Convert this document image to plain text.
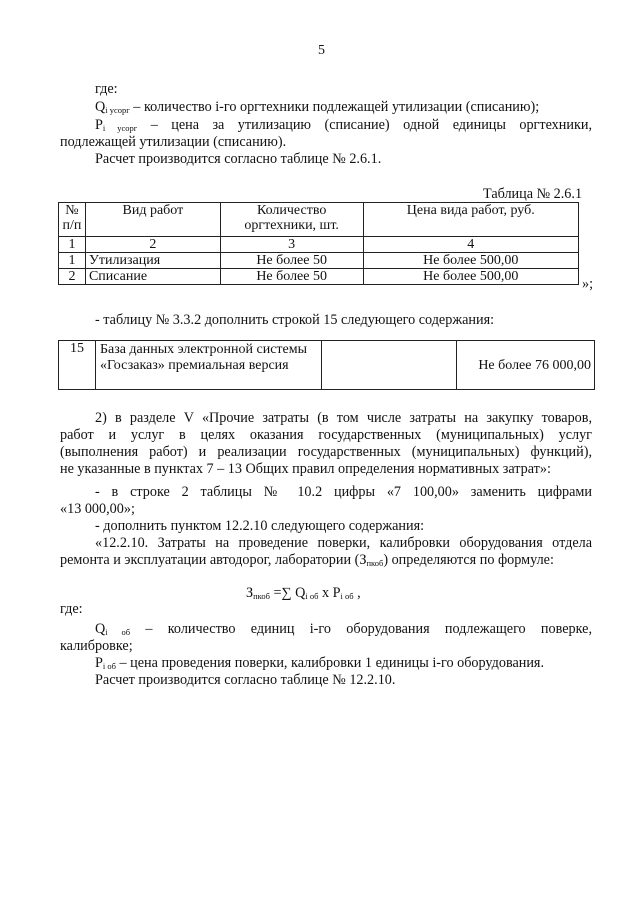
5
где:
$Q_{i усорг}$ – количество i-го оргтехники подлежащей утилизации (списанию);
$P_{i усорг}$ – цена за утилизацию (списание) одной единицы оргтехники,
подлежащей утилизации (списанию).
Расчет производится согласно таблице № 2.6.1.
Таблица № 2.6.1
№ п/п	Вид работ	Количество оргтехники, шт.	Цена вида работ, руб.
1	2	3	4
1	Утилизация	Не более 50	Не более 500,00
2	Списание	Не более 50	Не более 500,00	»;
- таблицу № 3.3.2 дополнить строкой 15 следующего содержания:
15	База данных электронной системы «Госзаказ» премиальная версия		Не более 76 000,00
2) в разделе V «Прочие затраты (в том числе затраты на закупку товаров,
работ и услуг в целях оказания государственных (муниципальных) услуг
(выполнения работ) и реализации государственных (муниципальных) функций),
не указанные в пунктах 7 – 13 Общих правил определения нормативных затрат»:
- в строке 2 таблицы № 10.2 цифры «7 100,00» заменить цифрами
«13 000,00»;
- дополнить пунктом 12.2.10 следующего содержания:
«12.2.10. Затраты на проведение поверки, калибровки оборудования отдела
ремонта и эксплуатации автодорог, лаборатории $(З_{пкоб})$ определяются по формуле:
$З_{пкоб}$ =∑ $Q_{i об}$ х $P_{i об}$ ,
где:
$Q_{i об}$ – количество единиц i-го оборудования подлежащего поверке,
калибровке;
$P_{i об}$ – цена проведения поверки, калибровки 1 единицы i-го оборудования.
Расчет производится согласно таблице № 12.2.10.
